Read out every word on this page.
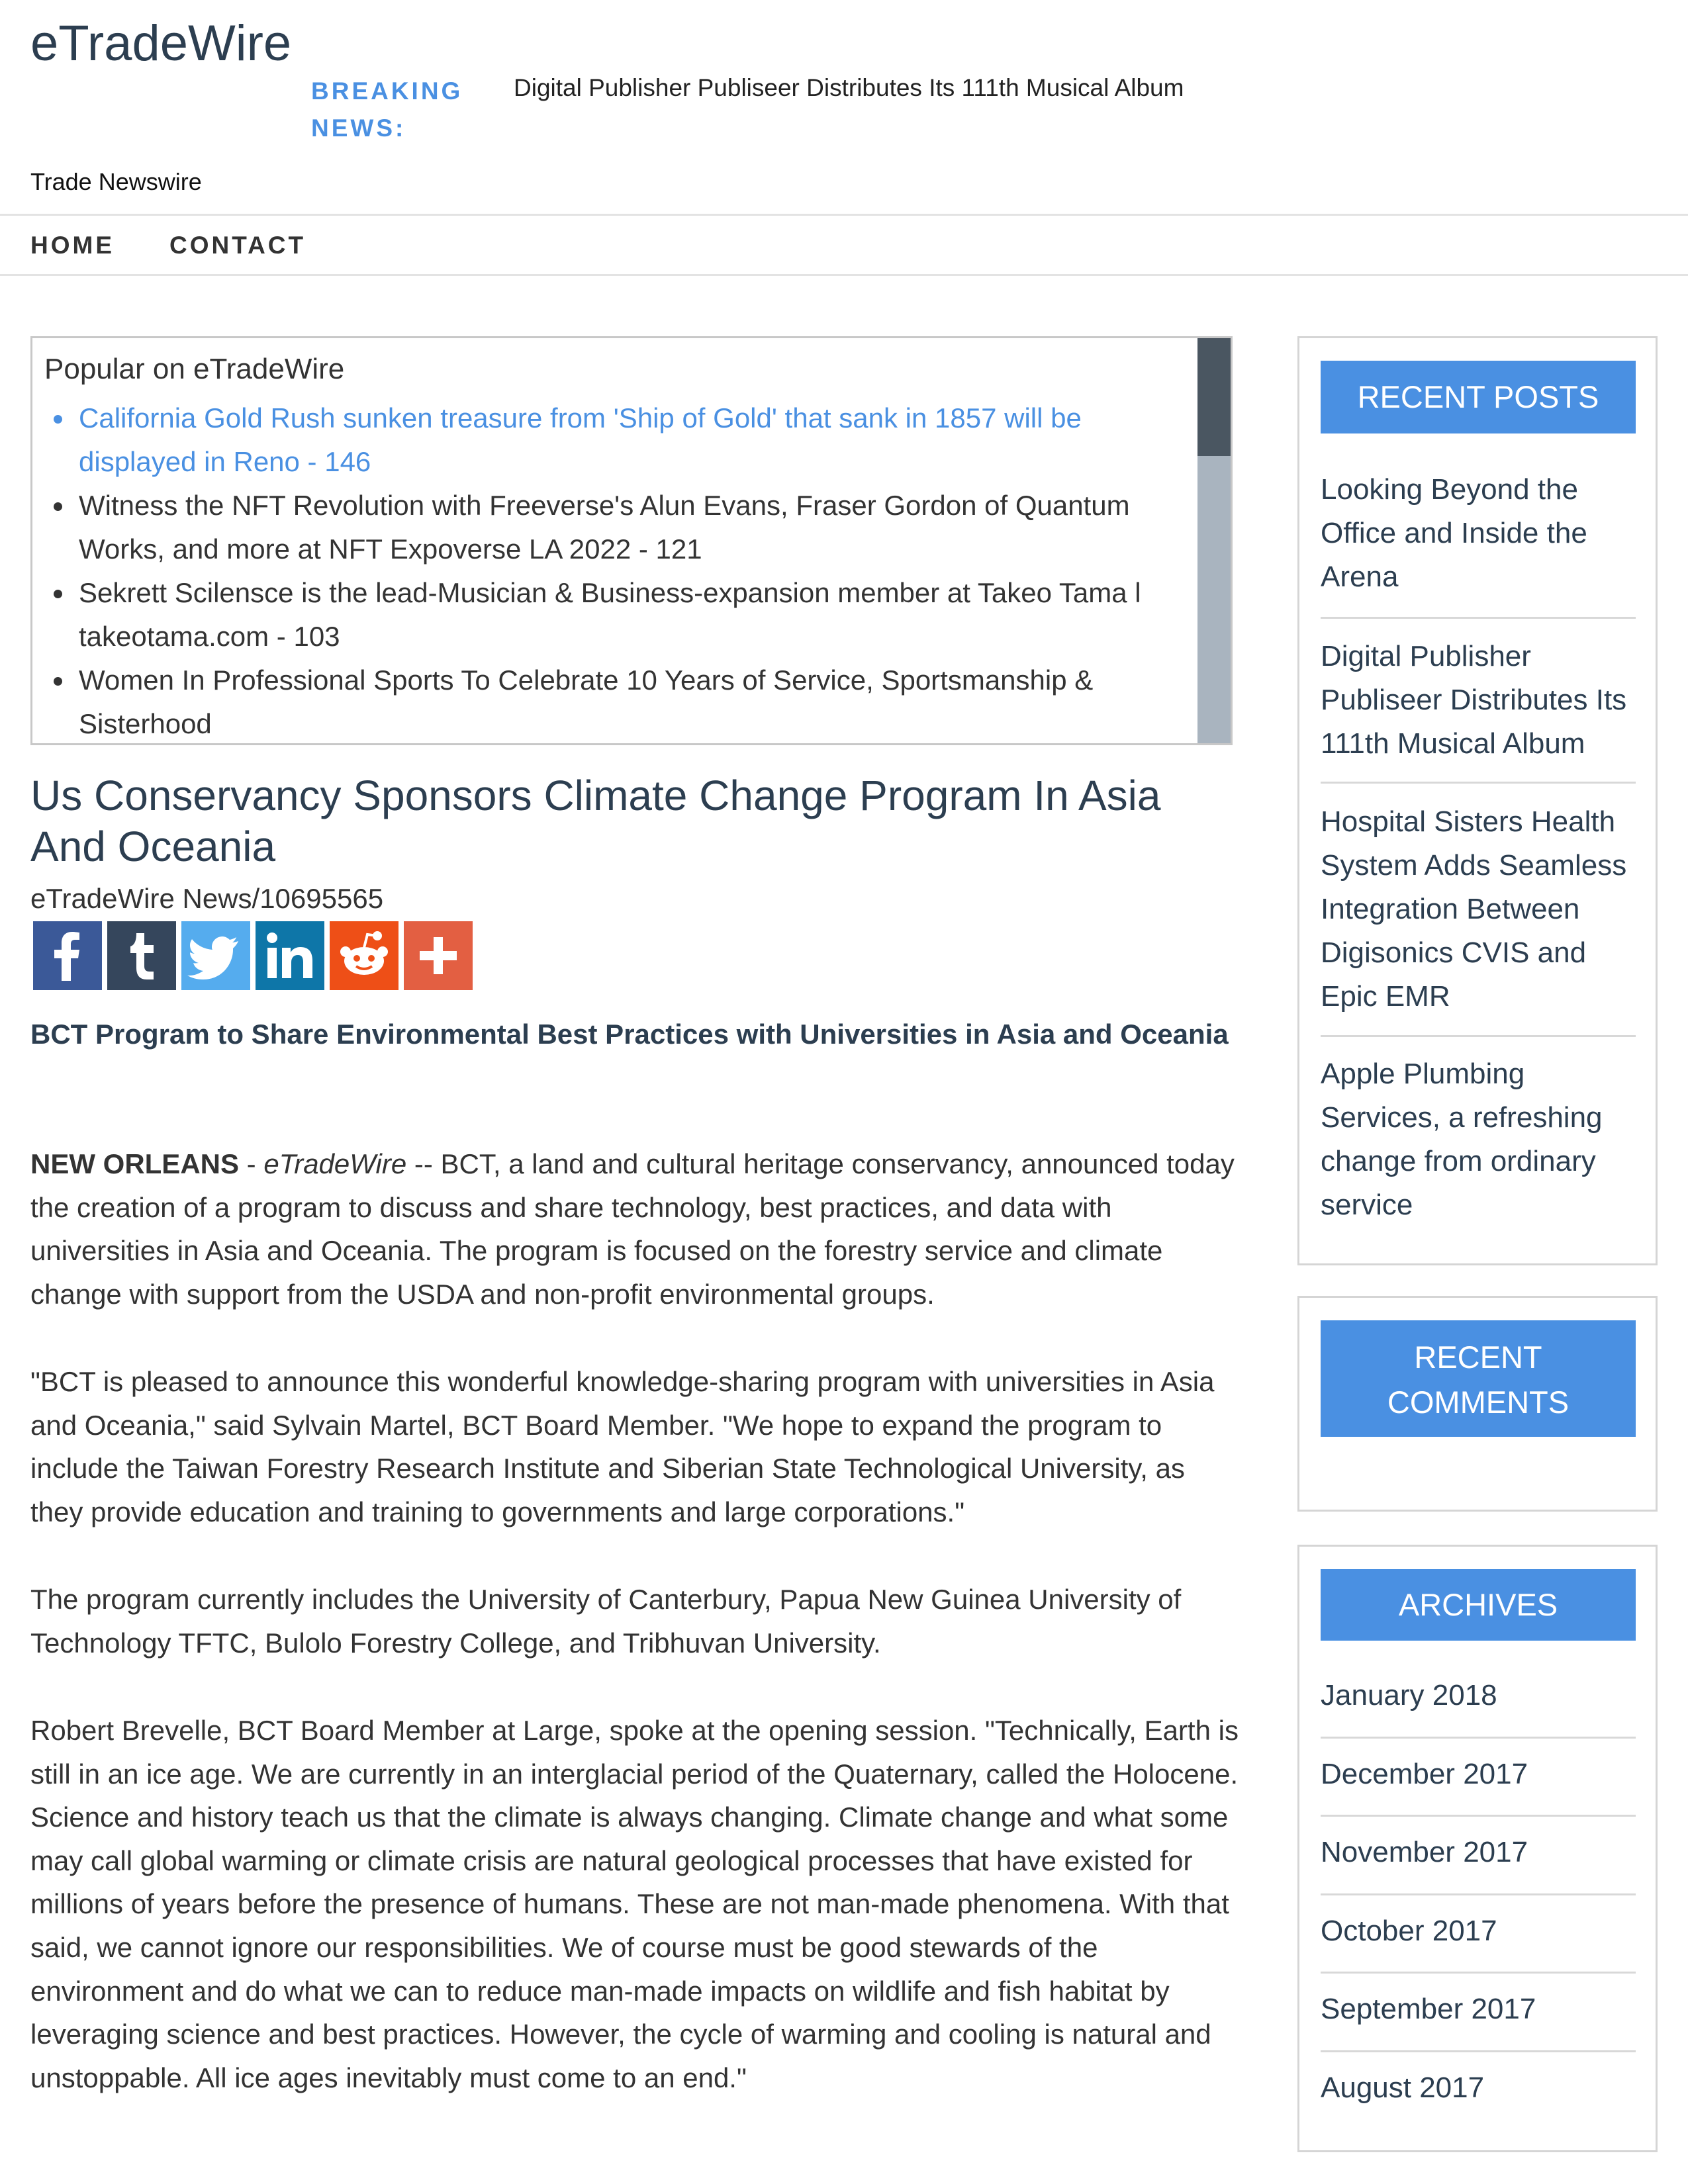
eTradeWire
Trade Newswire
BREAKING NEWS:
Digital Publisher Publiseer Distributes Its 111th Musical Album
HOME CONTACT
Popular on eTradeWire
• California Gold Rush sunken treasure from 'Ship of Gold' that sank in 1857 will be displayed in Reno - 146
• Witness the NFT Revolution with Freeverse's Alun Evans, Fraser Gordon of Quantum Works, and more at NFT Expoverse LA 2022 - 121
• Sekrett Scilensce is the lead-Musician & Business-expansion member at Takeo Tama l takeotama.com - 103
• Women In Professional Sports To Celebrate 10 Years of Service, Sportsmanship & Sisterhood
Us Conservancy Sponsors Climate Change Program In Asia And Oceania
eTradeWire News/10695565
BCT Program to Share Environmental Best Practices with Universities in Asia and Oceania
NEW ORLEANS - eTradeWire -- BCT, a land and cultural heritage conservancy, announced today the creation of a program to discuss and share technology, best practices, and data with universities in Asia and Oceania. The program is focused on the forestry service and climate change with support from the USDA and non-profit environmental groups.
"BCT is pleased to announce this wonderful knowledge-sharing program with universities in Asia and Oceania," said Sylvain Martel, BCT Board Member. "We hope to expand the program to include the Taiwan Forestry Research Institute and Siberian State Technological University, as they provide education and training to governments and large corporations."
The program currently includes the University of Canterbury, Papua New Guinea University of Technology TFTC, Bulolo Forestry College, and Tribhuvan University.
Robert Brevelle, BCT Board Member at Large, spoke at the opening session. "Technically, Earth is still in an ice age. We are currently in an interglacial period of the Quaternary, called the Holocene. Science and history teach us that the climate is always changing. Climate change and what some may call global warming or climate crisis are natural geological processes that have existed for millions of years before the presence of humans. These are not man-made phenomena. With that said, we cannot ignore our responsibilities. We of course must be good stewards of the environment and do what we can to reduce man-made impacts on wildlife and fish habitat by leveraging science and best practices. However, the cycle of warming and cooling is natural and unstoppable. All ice ages inevitably must come to an end."
RECENT POSTS
Looking Beyond the Office and Inside the Arena
Digital Publisher Publiseer Distributes Its 111th Musical Album
Hospital Sisters Health System Adds Seamless Integration Between Digisonics CVIS and Epic EMR
Apple Plumbing Services, a refreshing change from ordinary service
RECENT COMMENTS
ARCHIVES
January 2018
December 2017
November 2017
October 2017
September 2017
August 2017
